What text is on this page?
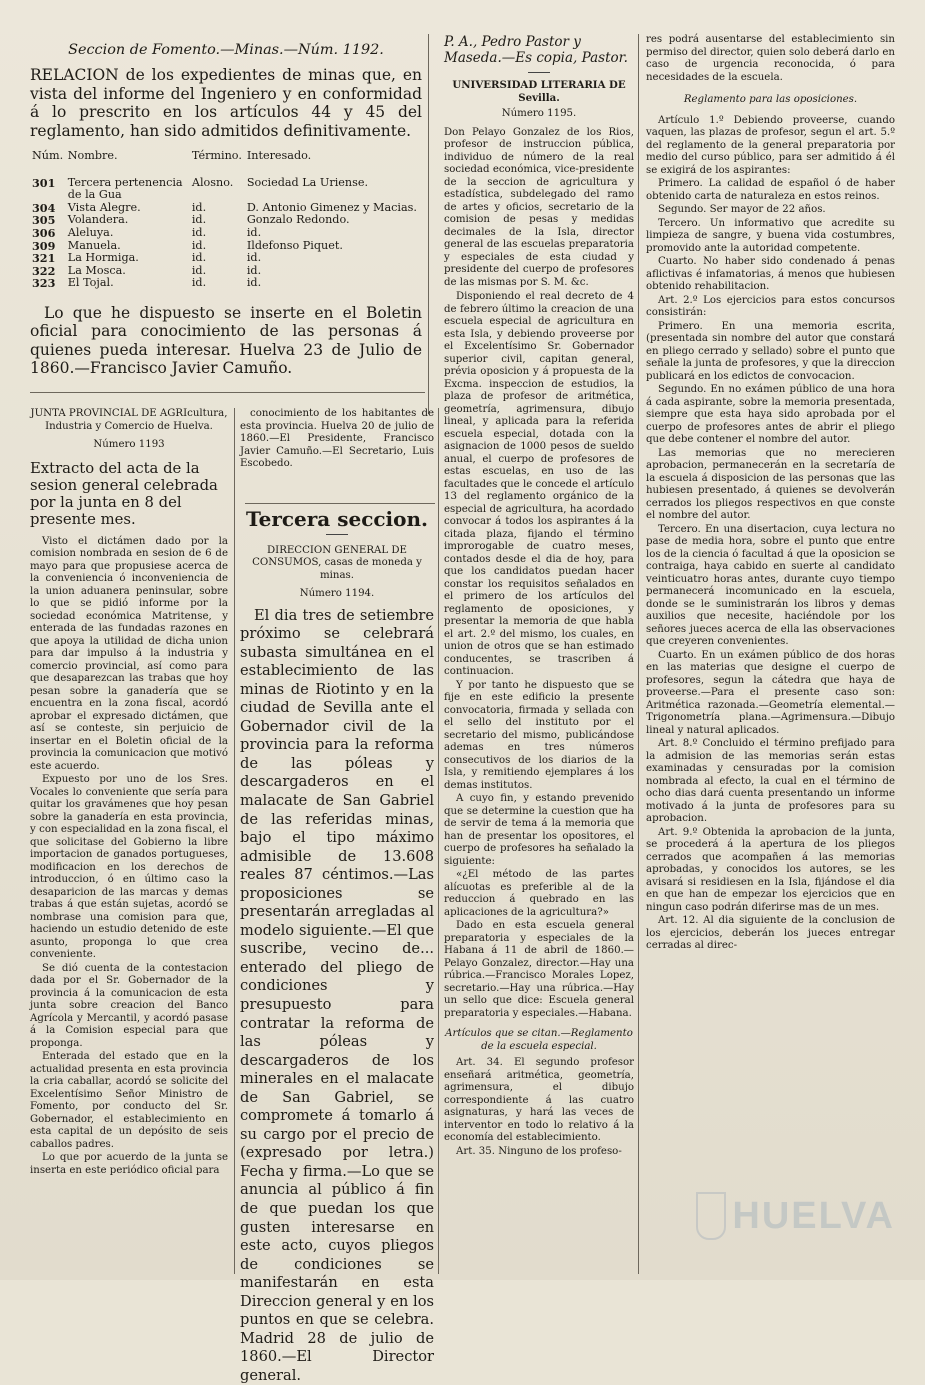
Seccion de Fomento.—Minas.—Núm. 1192.
RELACION de los expedientes de minas que, en vista del informe del Ingeniero y en conformidad á lo prescrito en los artículos 44 y 45 del reglamento, han sido admitidos definitivamente.
Núm.	Nombre.	Término.	Interesado.
301	Tercera pertenencia de la Gua	Alosno.	Sociedad La Uriense.
304	Vista Alegre.	id.	D. Antonio Gimenez y Macias.
305	Volandera.	id.	Gonzalo Redondo.
306	Aleluya.	id.	id.
309	Manuela.	id.	Ildefonso Piquet.
321	La Hormiga.	id.	id.
322	La Mosca.	id.	id.
323	El Tojal.	id.	id.
Lo que he dispuesto se inserte en el Boletin oficial para conocimiento de las personas á quienes pueda interesar. Huelva 23 de Julio de 1860.—Francisco Javier Camuño.
JUNTA PROVINCIAL DE AGRIcultura, Industria y Comercio de Huelva.
Número 1193
Extracto del acta de la sesion general celebrada por la junta en 8 del presente mes.
Visto el dictámen dado por la comision nombrada en sesion de 6 de mayo para que propusiese acerca de la conveniencia ó inconveniencia de la union aduanera peninsular, sobre lo que se pidió informe por la sociedad económica Matritense, y enterada de las fundadas razones en que apoya la utilidad de dicha union para dar impulso á la industria y comercio provincial, así como para que desaparezcan las trabas que hoy pesan sobre la ganadería que se encuentra en la zona fiscal, acordó aprobar el expresado dictámen, que así se conteste, sin perjuicio de insertar en el Boletin oficial de la provincia la comunicacion que motivó este acuerdo.
Expuesto por uno de los Sres. Vocales lo conveniente que sería para quitar los gravámenes que hoy pesan sobre la ganadería en esta provincia, y con especialidad en la zona fiscal, el que solicitase del Gobierno la libre importacion de ganados portugueses, modificacion en los derechos de introduccion, ó en último caso la desaparicion de las marcas y demas trabas á que están sujetas, acordó se nombrase una comision para que, haciendo un estudio detenido de este asunto, proponga lo que crea conveniente.
Se dió cuenta de la contestacion dada por el Sr. Gobernador de la provincia á la comunicacion de esta junta sobre creacion del Banco Agrícola y Mercantil, y acordó pasase á la Comision especial para que proponga.
Enterada del estado que en la actualidad presenta en esta provincia la cria caballar, acordó se solicite del Excelentísimo Señor Ministro de Fomento, por conducto del Sr. Gobernador, el establecimiento en esta capital de un depósito de seis caballos padres.
Lo que por acuerdo de la junta se inserta en este periódico oficial para
conocimiento de los habitantes de esta provincia. Huelva 20 de julio de 1860.—El Presidente, Francisco Javier Camuño.—El Secretario, Luis Escobedo.
Tercera seccion.
DIRECCION GENERAL DE CONSUMOS, casas de moneda y minas.
Número 1194.
El dia tres de setiembre próximo se celebrará subasta simultánea en el establecimiento de las minas de Riotinto y en la ciudad de Sevilla ante el Gobernador civil de la provincia para la reforma de las póleas y descargaderos en el malacate de San Gabriel de las referidas minas, bajo el tipo máximo admisible de 13.608 reales 87 céntimos.—Las proposiciones se presentarán arregladas al modelo siguiente.—El que suscribe, vecino de... enterado del pliego de condiciones y presupuesto para contratar la reforma de las póleas y descargaderos de los minerales en el malacate de San Gabriel, se compromete á tomarlo á su cargo por el precio de (expresado por letra.) Fecha y firma.—Lo que se anuncia al público á fin de que puedan los que gusten interesarse en este acto, cuyos pliegos de condiciones se manifestarán en esta Direccion general y en los puntos en que se celebra. Madrid 28 de julio de 1860.—El Director general.
P. A., Pedro Pastor y Maseda.—Es copia, Pastor.
UNIVERSIDAD LITERARIA DE Sevilla.
Número 1195.
Don Pelayo Gonzalez de los Rios, profesor de instruccion pública, individuo de número de la real sociedad económica, vice-presidente de la seccion de agricultura y estadística, subdelegado del ramo de artes y oficios, secretario de la comision de pesas y medidas decimales de la Isla, director general de las escuelas preparatoria y especiales de esta ciudad y presidente del cuerpo de profesores de las mismas por S. M. &c.
Disponiendo el real decreto de 4 de febrero último la creacion de una escuela especial de agricultura en esta Isla, y debiendo proveerse por el Excelentísimo Sr. Gobernador superior civil, capitan general, prévia oposicion y á propuesta de la Excma. inspeccion de estudios, la plaza de profesor de aritmética, geometría, agrimensura, dibujo lineal, y aplicada para la referida escuela especial, dotada con la asignacion de 1000 pesos de sueldo anual, el cuerpo de profesores de estas escuelas, en uso de las facultades que le concede el artículo 13 del reglamento orgánico de la especial de agricultura, ha acordado convocar á todos los aspirantes á la citada plaza, fijando el término improrogable de cuatro meses, contados desde el dia de hoy, para que los candidatos puedan hacer constar los requisitos señalados en el primero de los artículos del reglamento de oposiciones, y presentar la memoria de que habla el art. 2.º del mismo, los cuales, en union de otros que se han estimado conducentes, se trascriben á continuacion.
Y por tanto he dispuesto que se fije en este edificio la presente convocatoria, firmada y sellada con el sello del instituto por el secretario del mismo, publicándose ademas en tres números consecutivos de los diarios de la Isla, y remitiendo ejemplares á los demas institutos.
A cuyo fin, y estando prevenido que se determine la cuestion que ha de servir de tema á la memoria que han de presentar los opositores, el cuerpo de profesores ha señalado la siguiente:
«¿El método de las partes alícuotas es preferible al de la reduccion á quebrado en las aplicaciones de la agricultura?»
Dado en esta escuela general preparatoria y especiales de la Habana á 11 de abril de 1860.—Pelayo Gonzalez, director.—Hay una rúbrica.—Francisco Morales Lopez, secretario.—Hay una rúbrica.—Hay un sello que dice: Escuela general preparatoria y especiales.—Habana.
Artículos que se citan.—Reglamento de la escuela especial.
Art. 34. El segundo profesor enseñará aritmética, geometría, agrimensura, el dibujo correspondiente á las cuatro asignaturas, y hará las veces de interventor en todo lo relativo á la economía del establecimiento.
Art. 35. Ninguno de los profeso-
res podrá ausentarse del establecimiento sin permiso del director, quien solo deberá darlo en caso de urgencia reconocida, ó para necesidades de la escuela.
Reglamento para las oposiciones.
Artículo 1.º Debiendo proveerse, cuando vaquen, las plazas de profesor, segun el art. 5.º del reglamento de la general preparatoria por medio del curso público, para ser admitido á él se exigirá de los aspirantes:
Primero. La calidad de español ó de haber obtenido carta de naturaleza en estos reinos.
Segundo. Ser mayor de 22 años.
Tercero. Un informativo que acredite su limpieza de sangre, y buena vida costumbres, promovido ante la autoridad competente.
Cuarto. No haber sido condenado á penas aflictivas é infamatorias, á menos que hubiesen obtenido rehabilitacion.
Art. 2.º Los ejercicios para estos concursos consistirán:
Primero. En una memoria escrita, (presentada sin nombre del autor que constará en pliego cerrado y sellado) sobre el punto que señale la junta de profesores, y que la direccion publicará en los edictos de convocacion.
Segundo. En no exámen público de una hora á cada aspirante, sobre la memoria presentada, siempre que esta haya sido aprobada por el cuerpo de profesores antes de abrir el pliego que debe contener el nombre del autor.
Las memorias que no merecieren aprobacion, permanecerán en la secretaría de la escuela á disposicion de las personas que las hubiesen presentado, á quienes se devolverán cerrados los pliegos respectivos en que conste el nombre del autor.
Tercero. En una disertacion, cuya lectura no pase de media hora, sobre el punto que entre los de la ciencia ó facultad á que la oposicion se contraiga, haya cabido en suerte al candidato veinticuatro horas antes, durante cuyo tiempo permanecerá incomunicado en la escuela, donde se le suministrarán los libros y demas auxilios que necesite, haciéndole por los señores jueces acerca de ella las observaciones que creyeren convenientes.
Cuarto. En un exámen público de dos horas en las materias que designe el cuerpo de profesores, segun la cátedra que haya de proveerse.—Para el presente caso son: Aritmética razonada.—Geometría elemental.—Trigonometría plana.—Agrimensura.—Dibujo lineal y natural aplicados.
Art. 8.º Concluido el término prefijado para la admision de las memorias serán estas examinadas y censuradas por la comision nombrada al efecto, la cual en el término de ocho dias dará cuenta presentando un informe motivado á la junta de profesores para su aprobacion.
Art. 9.º Obtenida la aprobacion de la junta, se procederá á la apertura de los pliegos cerrados que acompañen á las memorias aprobadas, y conocidos los autores, se les avisará si residiesen en la Isla, fijándose el dia en que han de empezar los ejercicios que en ningun caso podrán diferirse mas de un mes.
Art. 12. Al dia siguiente de la conclusion de los ejercicios, deberán los jueces entregar cerradas al direc-
HUELVA
